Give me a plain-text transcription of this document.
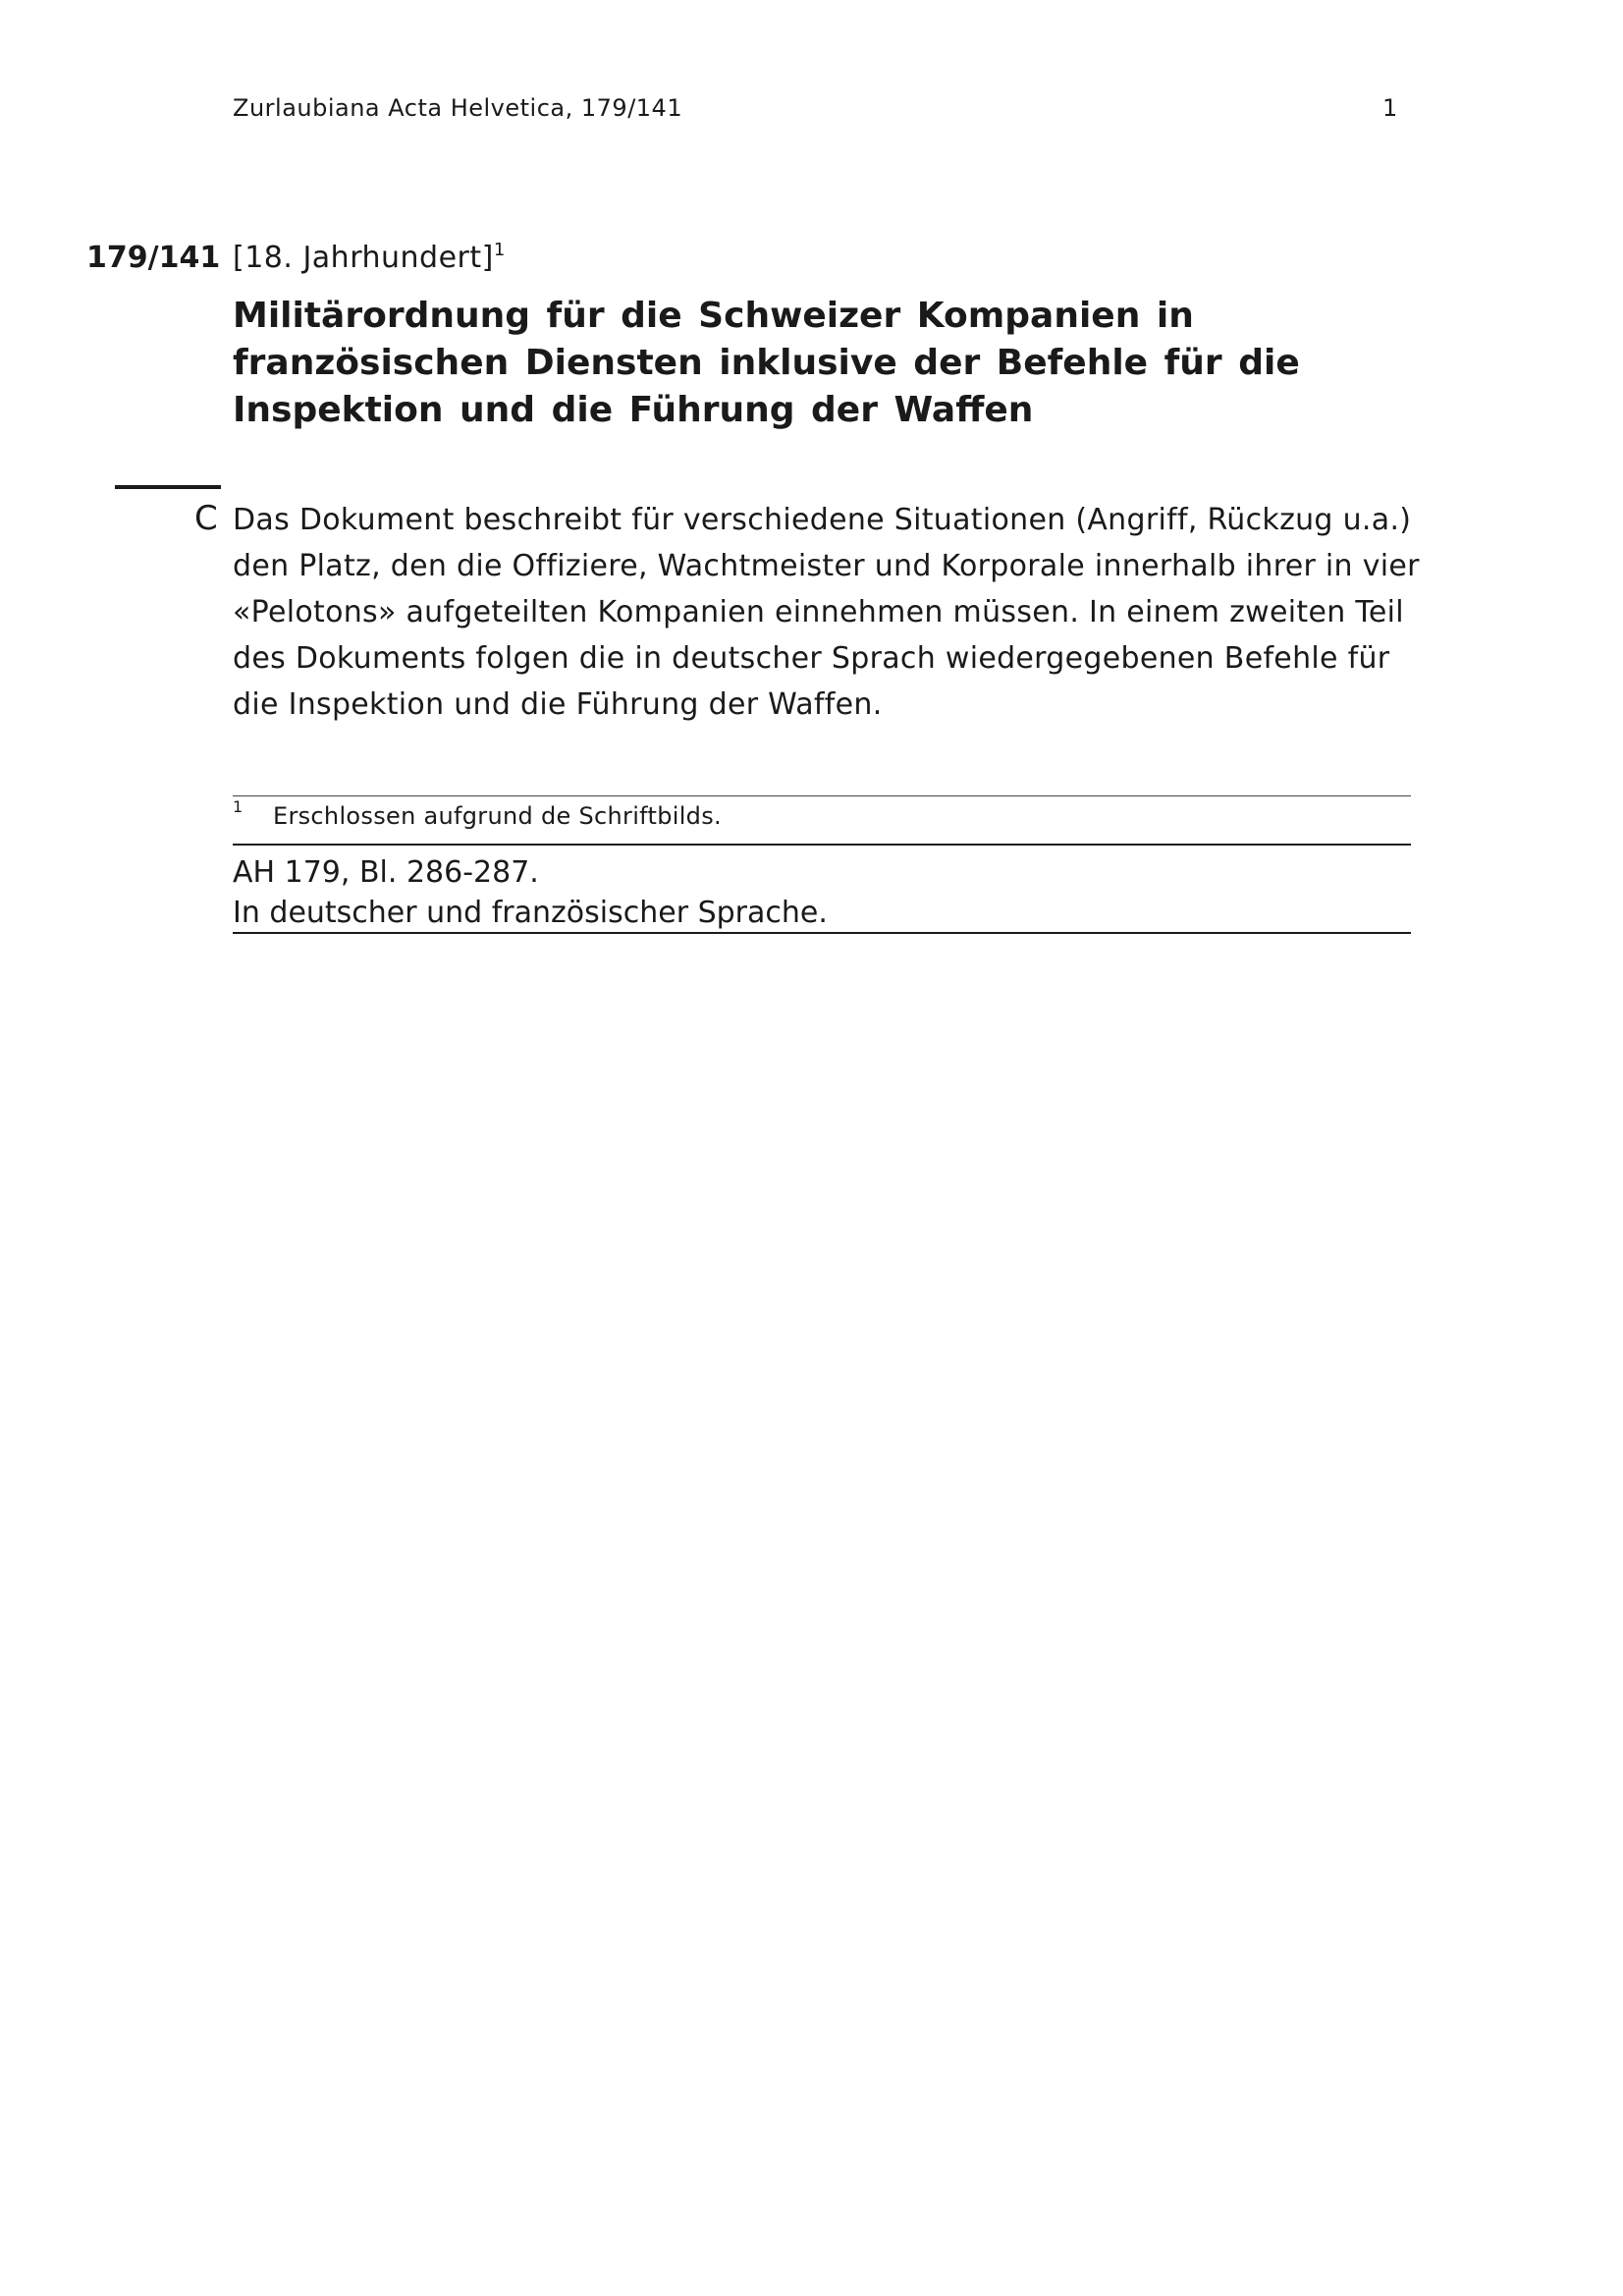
Zurlaubiana Acta Helvetica, 179/141	1
179/141 [18. Jahrhundert]$^1$
Militärordnung für die Schweizer Kompanien in französischen Diensten inklusive der Befehle für die Inspektion und die Führung der Waffen
C Das Dokument beschreibt für verschiedene Situationen (Angriff, Rückzug u.a.)
den Platz, den die Offiziere, Wachtmeister und Korporale innerhalb ihrer in vier
«Pelotons» aufgeteilten Kompanien einnehmen müssen. In einem zweiten Teil
des Dokuments folgen die in deutscher Sprach wiedergegebenen Befehle für
die Inspektion und die Führung der Waffen.
1 Erschlossen aufgrund de Schriftbilds.
AH 179, Bl. 286-287.
In deutscher und französischer Sprache.
